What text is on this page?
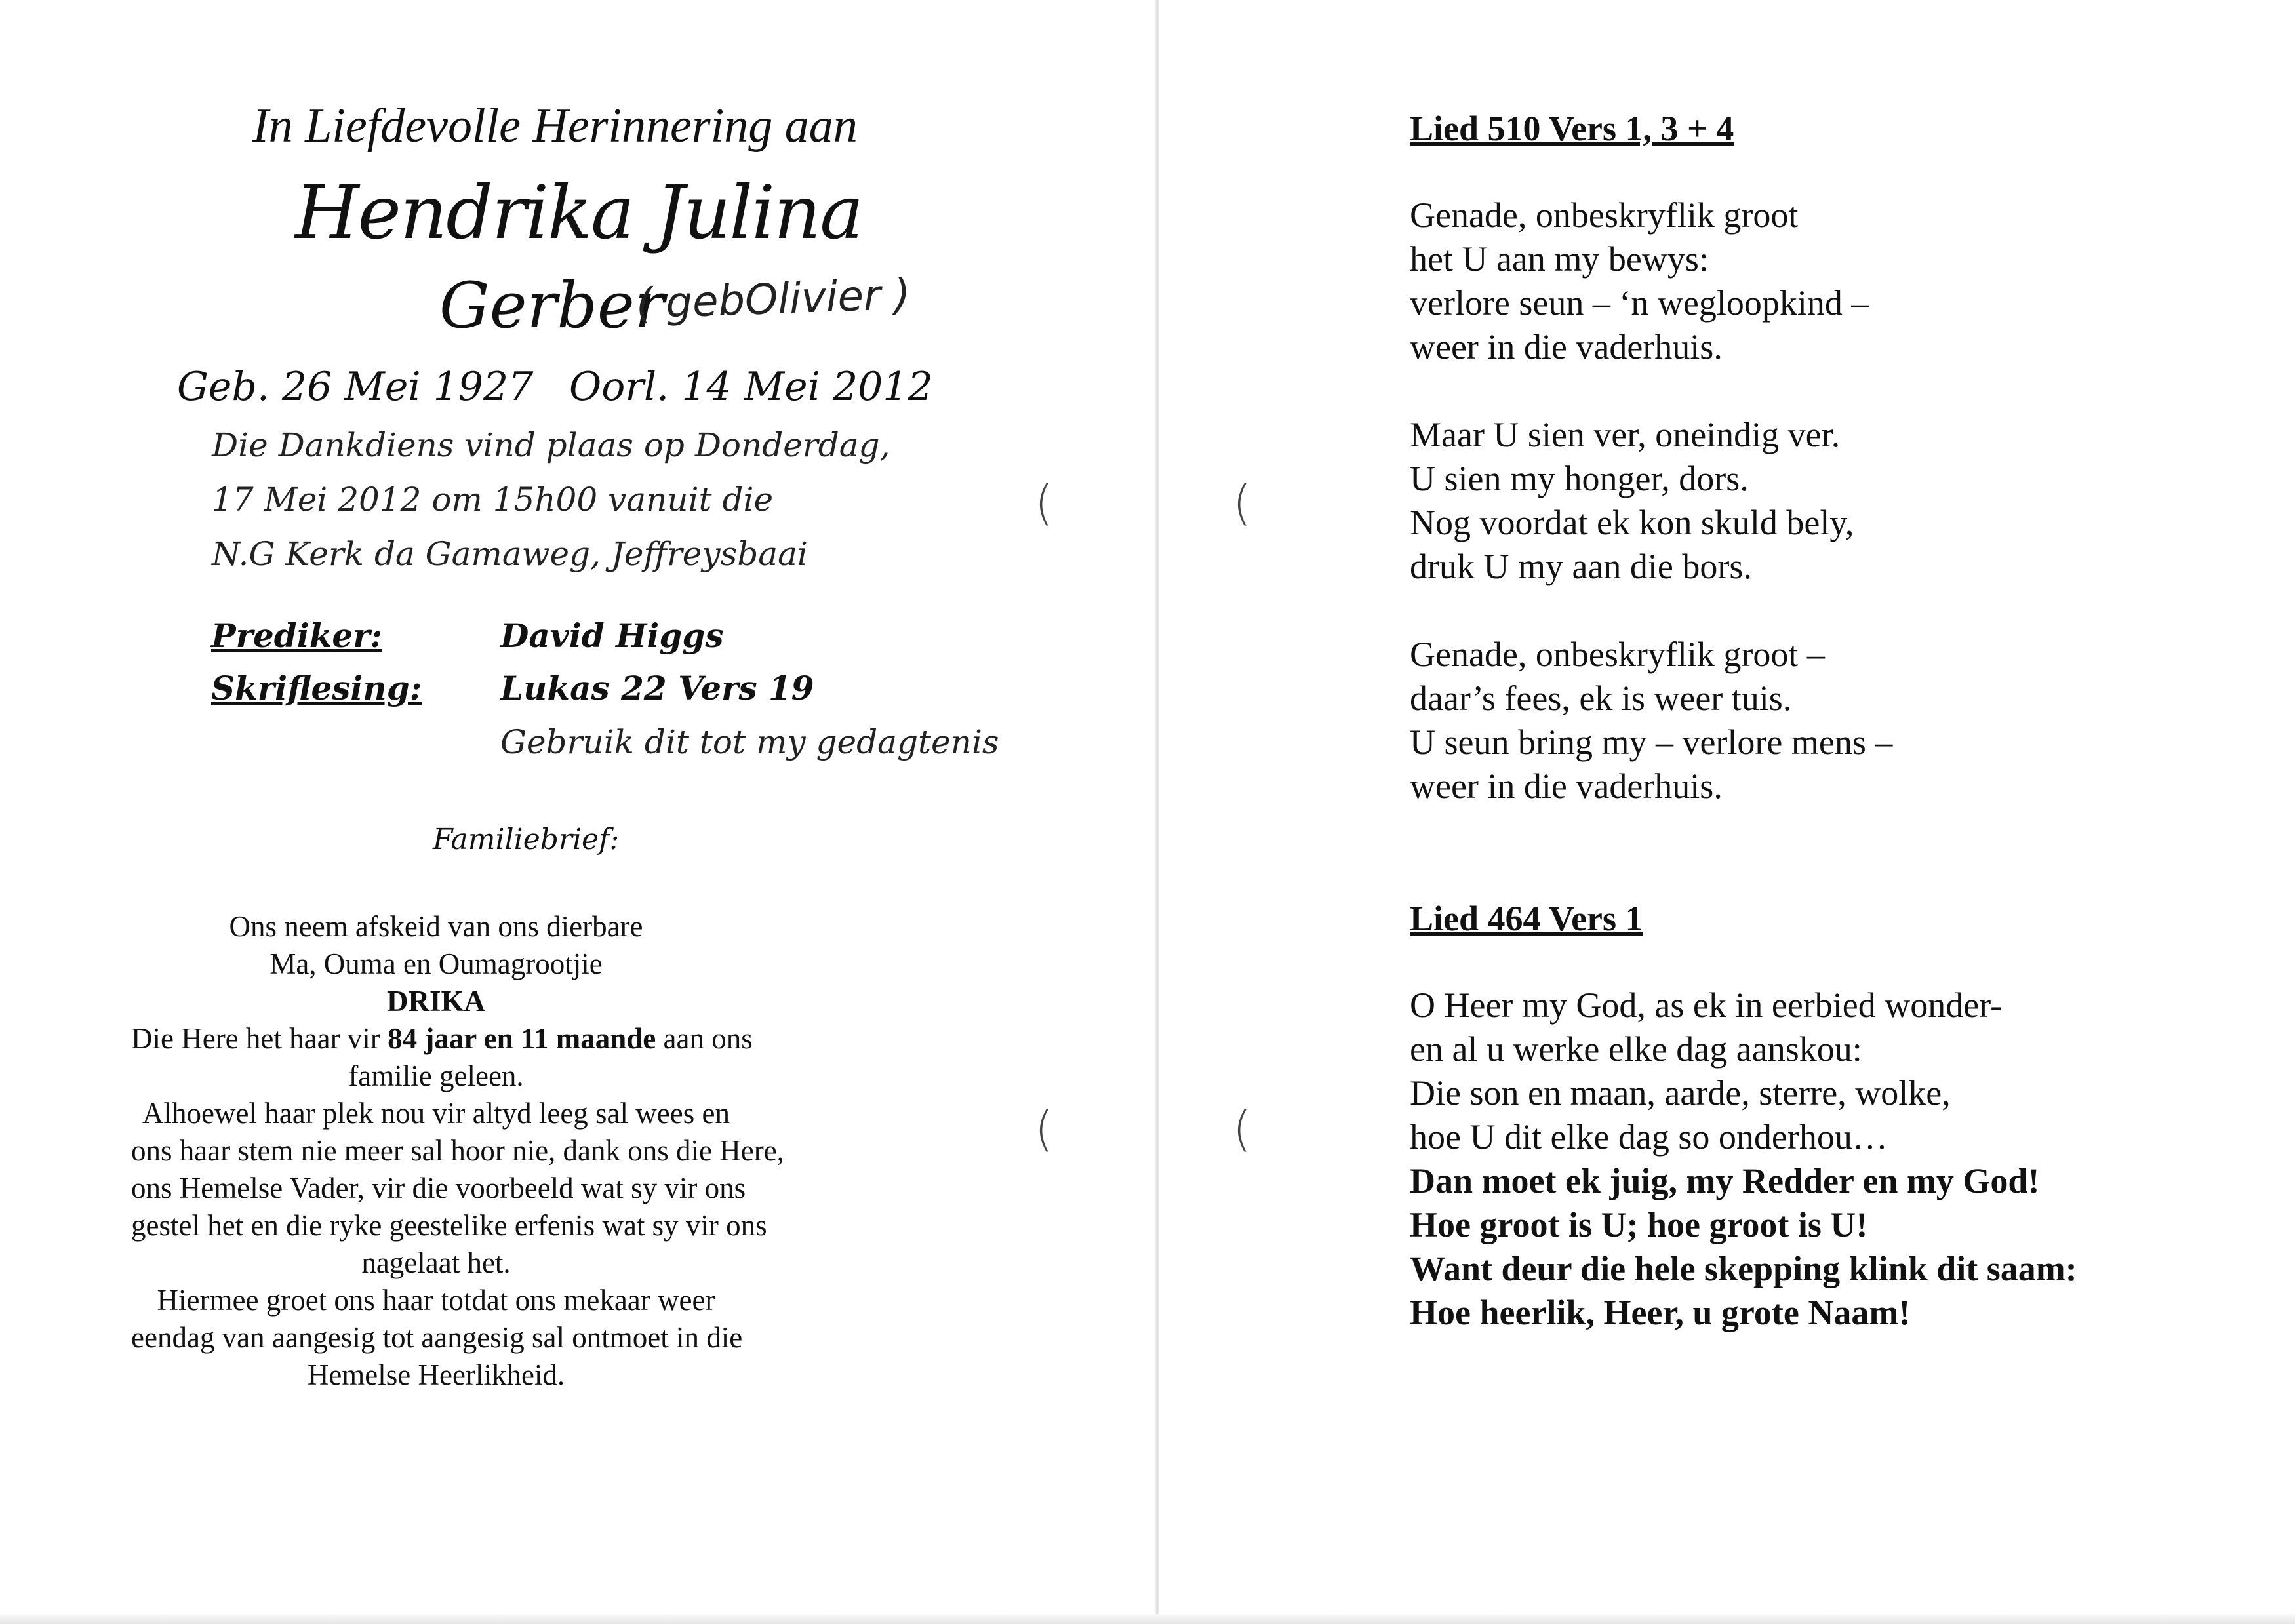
In Liefdevolle Herinnering aan
Hendrika Julina
Gerber
( gebOlivier )
Geb. 26 Mei 1927 Oorl. 14 Mei 2012
Die Dankdiens vind plaas op Donderdag,
17 Mei 2012 om 15h00 vanuit die
N.G Kerk da Gamaweg, Jeffreysbaai
Prediker:	David Higgs
Skriflesing: Lukas 22 Vers 19
Gebruik dit tot my gedagtenis
Familiebrief:
Ons neem afskeid van ons dierbare
Ma, Ouma en Oumagrootjie
DRIKA
Die Here het haar vir 84 jaar en 11 maande aan ons
familie geleen.
Alhoewel haar plek nou vir altyd leeg sal wees en
ons haar stem nie meer sal hoor nie, dank ons die Here,
ons Hemelse Vader, vir die voorbeeld wat sy vir ons
gestel het en die ryke geestelike erfenis wat sy vir ons
nagelaat het.
Hiermee groet ons haar totdat ons mekaar weer
eendag van aangesig tot aangesig sal ontmoet in die
Hemelse Heerlikheid.
(
(
(
(
Lied 510 Vers 1, 3 + 4
Genade, onbeskryflik groot
het U aan my bewys:
verlore seun – ‘n wegloopkind –
weer in die vaderhuis.
Maar U sien ver, oneindig ver.
U sien my honger, dors.
Nog voordat ek kon skuld bely,
druk U my aan die bors.
Genade, onbeskryflik groot –
daar’s fees, ek is weer tuis.
U seun bring my – verlore mens –
weer in die vaderhuis.
Lied 464 Vers 1
O Heer my God, as ek in eerbied wonder-
en al u werke elke dag aanskou:
Die son en maan, aarde, sterre, wolke,
hoe U dit elke dag so onderhou…
Dan moet ek juig, my Redder en my God!
Hoe groot is U; hoe groot is U!
Want deur die hele skepping klink dit saam:
Hoe heerlik, Heer, u grote Naam!
